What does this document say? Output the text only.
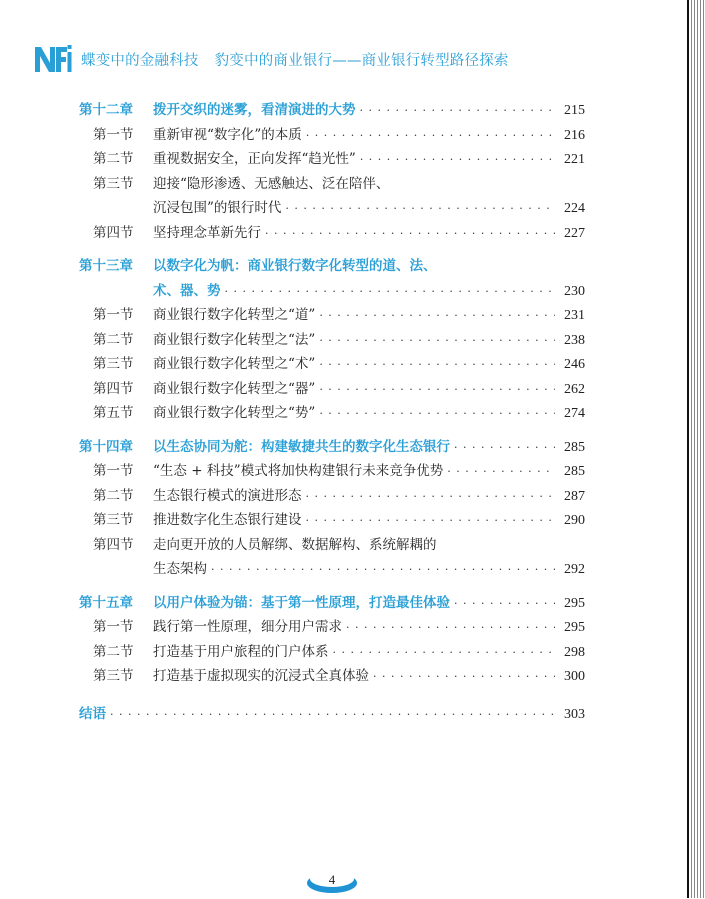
蝶变中的金融科技 豹变中的商业银行——商业银行转型路径探索
第十二章	拨开交织的迷雾，看清演进的大势 · · ·	215
第一节	重新审视“数字化”的本质 · · ·	216
第二节	重视数据安全，正向发挥“趋光性” · · ·	221
第三节	迎接“隐形渗透、无感触达、泛在陪伴、
沉浸包围”的银行时代 · · ·	224
第四节	坚持理念革新先行 · · ·	227
第十三章	以数字化为帆：商业银行数字化转型的道、法、
术、器、势 · · ·	230
第一节	商业银行数字化转型之“道” · · ·	231
第二节	商业银行数字化转型之“法” · · ·	238
第三节	商业银行数字化转型之“术” · · ·	246
第四节	商业银行数字化转型之“器” · · ·	262
第五节	商业银行数字化转型之“势” · · ·	274
第十四章	以生态协同为舵：构建敏捷共生的数字化生态银行 · · ·	285
第一节	“生态 + 科技”模式将加快构建银行未来竞争优势 · · ·	285
第二节	生态银行模式的演进形态 · · ·	287
第三节	推进数字化生态银行建设 · · ·	290
第四节	走向更开放的人员解绑、数据解构、系统解耦的
生态架构 · · ·	292
第十五章	以用户体验为锚：基于第一性原理，打造最佳体验 · · ·	295
第一节	践行第一性原理，细分用户需求 · · ·	295
第二节	打造基于用户旅程的门户体系 · · ·	298
第三节	打造基于虚拟现实的沉浸式全真体验 · · ·	300
结语 · · ·	303
4
